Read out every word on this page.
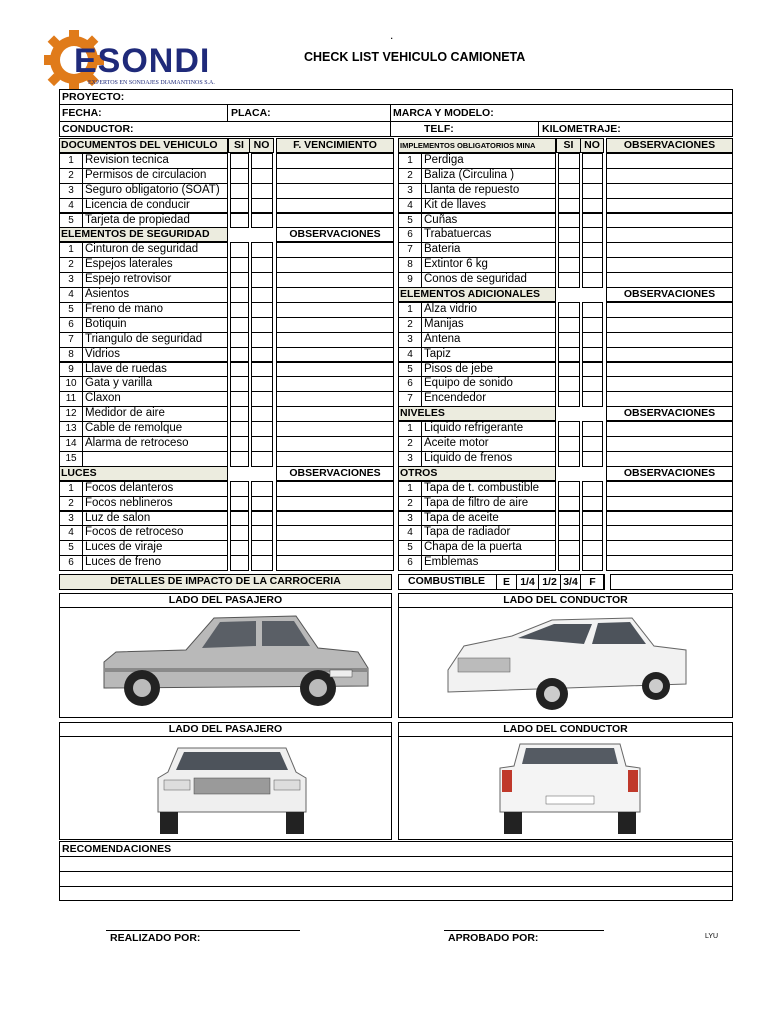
ESONDI
EXPERTOS EN SONDAJES DIAMANTINOS S.A.
.
CHECK LIST VEHICULO CAMIONETA
PROYECTO:
FECHA:	PLACA:	MARCA Y MODELO:
CONDUCTOR:	TELF:	KILOMETRAJE:
DETALLES DE IMPACTO DE LA CARROCERIA	COMBUSTIBLE
LADO DEL PASAJERO	LADO DEL CONDUCTOR
LADO DEL PASAJERO	LADO DEL CONDUCTOR
RECOMENDACIONES
REALIZADO POR:	APROBADO POR:	LYU
DOCUMENTOS DEL VEHICULO	SI NO	F. VENCIMIENTO
1 Revision tecnica
2 Permisos de circulacion
3 Seguro obligatorio (SOAT)
4 Licencia de conducir
5 Tarjeta de propiedad
ELEMENTOS DE SEGURIDAD	OBSERVACIONES
1 Cinturon de seguridad
2 Espejos laterales
3 Espejo retrovisor
4 Asientos
5 Freno de mano
6 Botiquin
7 Triangulo de seguridad
8 Vidrios
9 Llave de ruedas
10 Gata y varilla
11 Claxon
12 Medidor de aire
13 Cable de remolque
14 Alarma de retroceso
15
LUCES	OBSERVACIONES
1 Focos delanteros
2 Focos neblineros
3 Luz de salon
4 Focos de retroceso
5 Luces de viraje
6 Luces de freno
IMPLEMENTOS OBLIGATORIOS MINA	SI	NO	OBSERVACIONES
1 Perdiga
2 Baliza (Circulina )
3 Llanta de repuesto
4 Kit de llaves
5 Cuñas
6 Trabatuercas
7 Bateria
8 Extintor 6 kg
9 Conos de seguridad
ELEMENTOS ADICIONALES	OBSERVACIONES
1 Alza vidrio
2 Manijas
3 Antena
4 Tapiz
5 Pisos de jebe
6 Equipo de sonido
7 Encendedor
NIVELES	OBSERVACIONES
1 Liquido refrigerante
2 Aceite motor
3 Liquido de frenos
OTROS	OBSERVACIONES
1 Tapa de t. combustible
2 Tapa de filtro de aire
3 Tapa de aceite
4 Tapa de radiador
5 Chapa de la puerta
6 Emblemas
E 1/4 1/2 3/4	F
